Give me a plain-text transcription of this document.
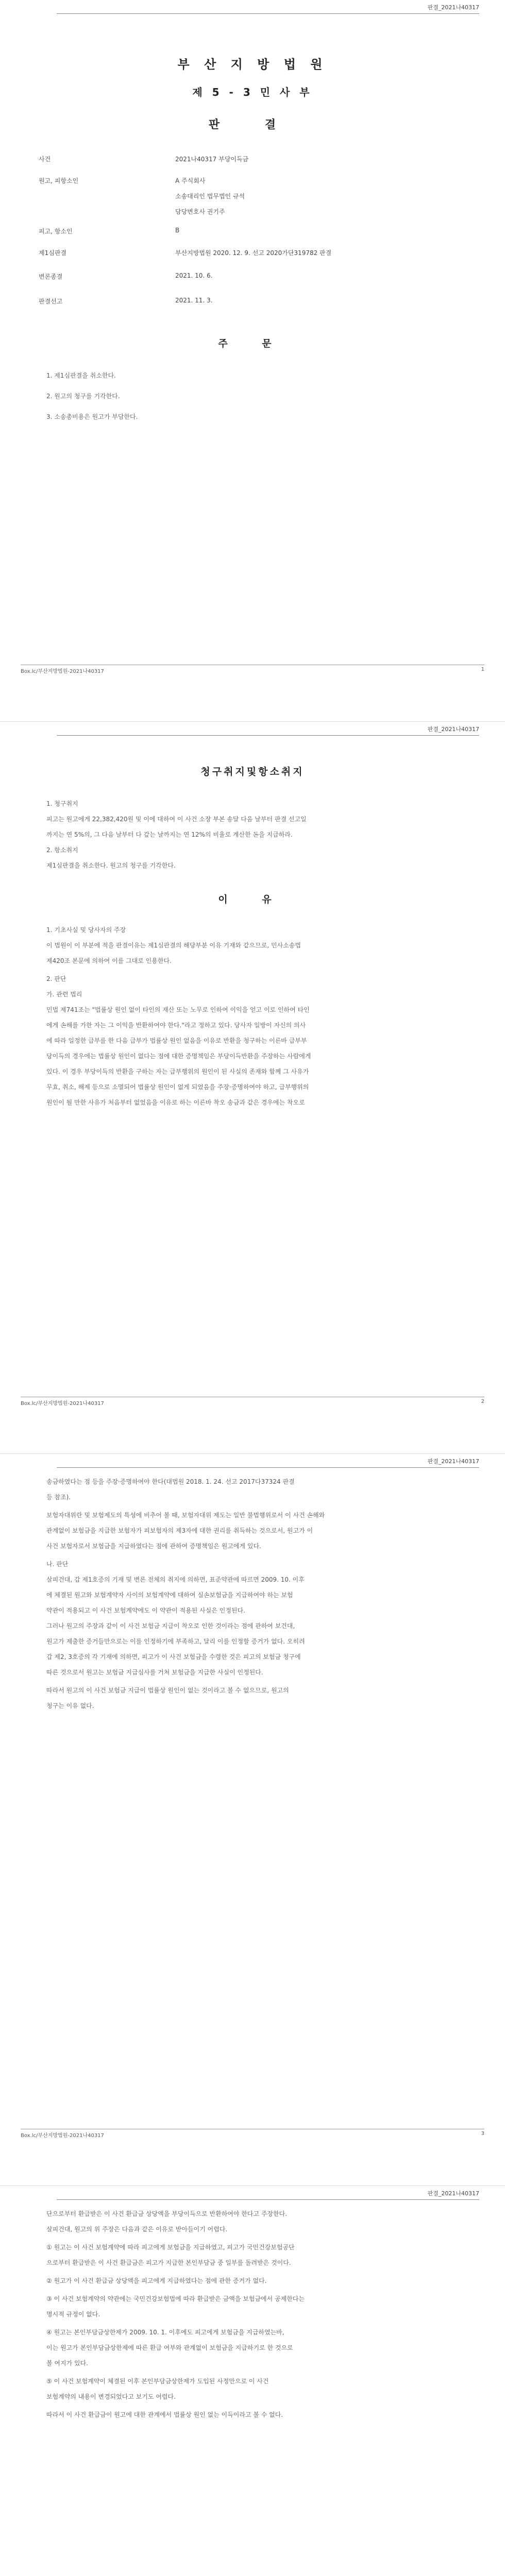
판결_2021나40317
부 산 지 방 법 원
제 5 - 3 민 사 부
판 결
사건	2021나40317 부당이득금
원고, 피항소인	A 주식회사
소송대리인 법무법인 규석
담당변호사 권기주
피고, 항소인	B
제1심판결	부산지방법원 2020. 12. 9. 선고 2020가단319782 판결
변론종결	2021. 10. 6.
판결선고	2021. 11. 3.
주 문
1. 제1심판결을 취소한다.
2. 원고의 청구를 기각한다.
3. 소송총비용은 원고가 부담한다.
Box.lc/부산지방법원-2021나40317	1
판결_2021나40317
청구취지및항소취지
1. 청구취지
피고는 원고에게 22,382,420원 및 이에 대하여 이 사건 소장 부본 송달 다음 날부터 판결 선고일
까지는 연 5%의, 그 다음 날부터 다 갚는 날까지는 연 12%의 비율로 계산한 돈을 지급하라.
2. 항소취지
제1심판결을 취소한다. 원고의 청구를 기각한다.
이 유
1. 기초사실 및 당사자의 주장
이 법원이 이 부분에 적을 판결이유는 제1심판결의 해당부분 이유 기재와 같으므로, 민사소송법
제420조 본문에 의하여 이를 그대로 인용한다.
2. 판단
가. 관련 법리
민법 제741조는 "법률상 원인 없이 타인의 재산 또는 노무로 인하여 이익을 얻고 이로 인하여 타인
에게 손해를 가한 자는 그 이익을 반환하여야 한다."라고 정하고 있다. 당사자 일방이 자신의 의사
에 따라 일정한 급부를 한 다음 급부가 법률상 원인 없음을 이유로 반환을 청구하는 이른바 급부부
당이득의 경우에는 법률상 원인이 없다는 점에 대한 증명책임은 부당이득반환을 주장하는 사람에게
있다. 이 경우 부당이득의 반환을 구하는 자는 급부행위의 원인이 된 사실의 존재와 함께 그 사유가
무효, 취소, 해제 등으로 소멸되어 법률상 원인이 없게 되었음을 주장·증명하여야 하고, 급부행위의
원인이 될 만한 사유가 처음부터 없었음을 이유로 하는 이른바 착오 송금과 같은 경우에는 착오로
Box.lc/부산지방법원-2021나40317	2
판결_2021나40317
송금하였다는 점 등을 주장·증명하여야 한다(대법원 2018. 1. 24. 선고 2017다37324 판결
등 참조).
보험자대위란 및 보험제도의 특성에 비추어 볼 때, 보험자대위 제도는 일반 불법행위로서 이 사건 손해와
관계없이 보험금을 지급한 보험자가 피보험자의 제3자에 대한 권리를 취득하는 것으로서, 원고가 이
사건 보험자로서 보험금을 지급하였다는 점에 관하여 증명책임은 원고에게 있다.
나. 판단
살피건대, 갑 제1호증의 기재 및 변론 전체의 취지에 의하면, 표준약관에 따르면 2009. 10. 이후
에 체결된 원고와 보험계약자 사이의 보험계약에 대하여 실손보험금을 지급하여야 하는 보험
약관이 적용되고 이 사건 보험계약에도 이 약관이 적용된 사실은 인정된다.
그러나 원고의 주장과 같이 이 사건 보험금 지급이 착오로 인한 것이라는 점에 관하여 보건대,
원고가 제출한 증거들만으로는 이를 인정하기에 부족하고, 달리 이를 인정할 증거가 없다. 오히려
갑 제2, 3호증의 각 기재에 의하면, 피고가 이 사건 보험금을 수령한 것은 피고의 보험금 청구에
따른 것으로서 원고는 보험금 지급심사를 거쳐 보험금을 지급한 사실이 인정된다.
따라서 원고의 이 사건 보험금 지급이 법률상 원인이 없는 것이라고 볼 수 없으므로, 원고의
청구는 이유 없다.
Box.lc/부산지방법원-2021나40317	3
판결_2021나40317
단으로부터 환급받은 이 사건 환급금 상당액을 부당이득으로 반환하여야 한다고 주장한다.
살피건대, 원고의 위 주장은 다음과 같은 이유로 받아들이기 어렵다.
① 원고는 이 사건 보험계약에 따라 피고에게 보험금을 지급하였고, 피고가 국민건강보험공단
으로부터 환급받은 이 사건 환급금은 피고가 지급한 본인부담금 중 일부를 돌려받은 것이다.
② 원고가 이 사건 환급금 상당액을 피고에게 지급하였다는 점에 관한 증거가 없다.
③ 이 사건 보험계약의 약관에는 국민건강보험법에 따라 환급받은 금액을 보험금에서 공제한다는
명시적 규정이 없다.
④ 원고는 본인부담금상한제가 2009. 10. 1. 이후에도 피고에게 보험금을 지급하였는바,
이는 원고가 본인부담금상한제에 따른 환급 여부와 관계없이 보험금을 지급하기로 한 것으로
볼 여지가 있다.
⑤ 이 사건 보험계약이 체결된 이후 본인부담금상한제가 도입된 사정만으로 이 사건
보험계약의 내용이 변경되었다고 보기도 어렵다.
따라서 이 사건 환급금이 원고에 대한 관계에서 법률상 원인 없는 이득이라고 볼 수 없다.
